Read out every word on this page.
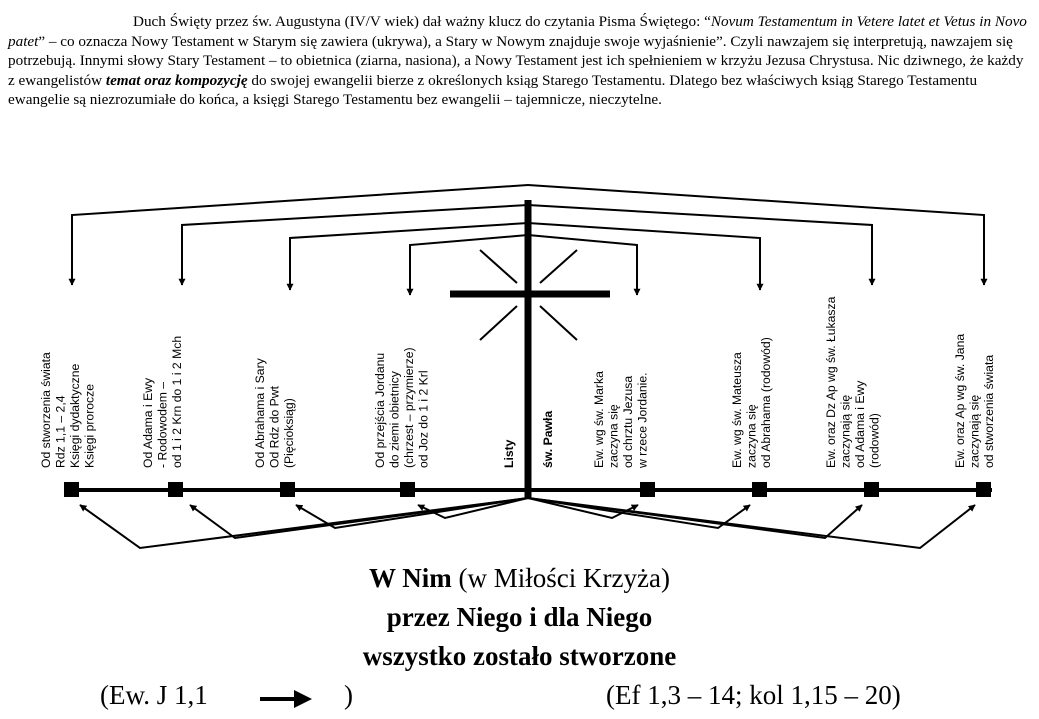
Duch Święty przez św. Augustyna (IV/V wiek) dał ważny klucz do czytania Pisma Świętego: “Novum Testamentum in Vetere latet et Vetus in Novo patet” – co oznacza Nowy Testament w Starym się zawiera (ukrywa), a Stary w Nowym znajduje swoje wyjaśnienie”. Czyli nawzajem się interpretują, nawzajem się potrzebują. Innymi słowy Stary Testament – to obietnica (ziarna, nasiona), a Nowy Testament jest ich spełnieniem w krzyżu Jezusa Chrystusa. Nic dziwnego, że każdy z ewangelistów temat oraz kompozycję do swojej ewangelii bierze z określonych ksiąg Starego Testamentu. Dlatego bez właściwych ksiąg Starego Testamentu ewangelie są niezrozumiałe do końca, a księgi Starego Testamentu bez ewangelii – tajemnicze, nieczytelne.

Od stworzenia świataRdz 1,1 – 2,4Księgi dydaktyczneKsięgi prorocze	Od Adama i Ewy- Rodowodem –od 1 i 2 Krn do 1 i 2 Mch	Od Abrahama i SaryOd Rdz do Pwt(Pięcioksiąg)	Od przejścia Jordanudo ziemi obietnicy(chrzest – przymierze)od Joz do 1 i 2 Krl	Listy św. Pawła	Ew. wg św. Markazaczyna sięod chrztu Jezusaw rzece Jordanie.	Ew. wg św. Mateuszazaczyna sięod Abrahama (rodowód)	Ew. oraz Dz Ap wg św. Łukaszazaczynają sięod Adama i Ewy(rodowód)	Ew. oraz Ap wg św. Janazaczynają sięod stworzenia świata
W Nim (w Miłości Krzyża)
przez Niego i dla Niego
wszystko zostało stworzone
(Ew. J 1,1	)	(Ef 1,3 – 14; kol 1,15 – 20)
